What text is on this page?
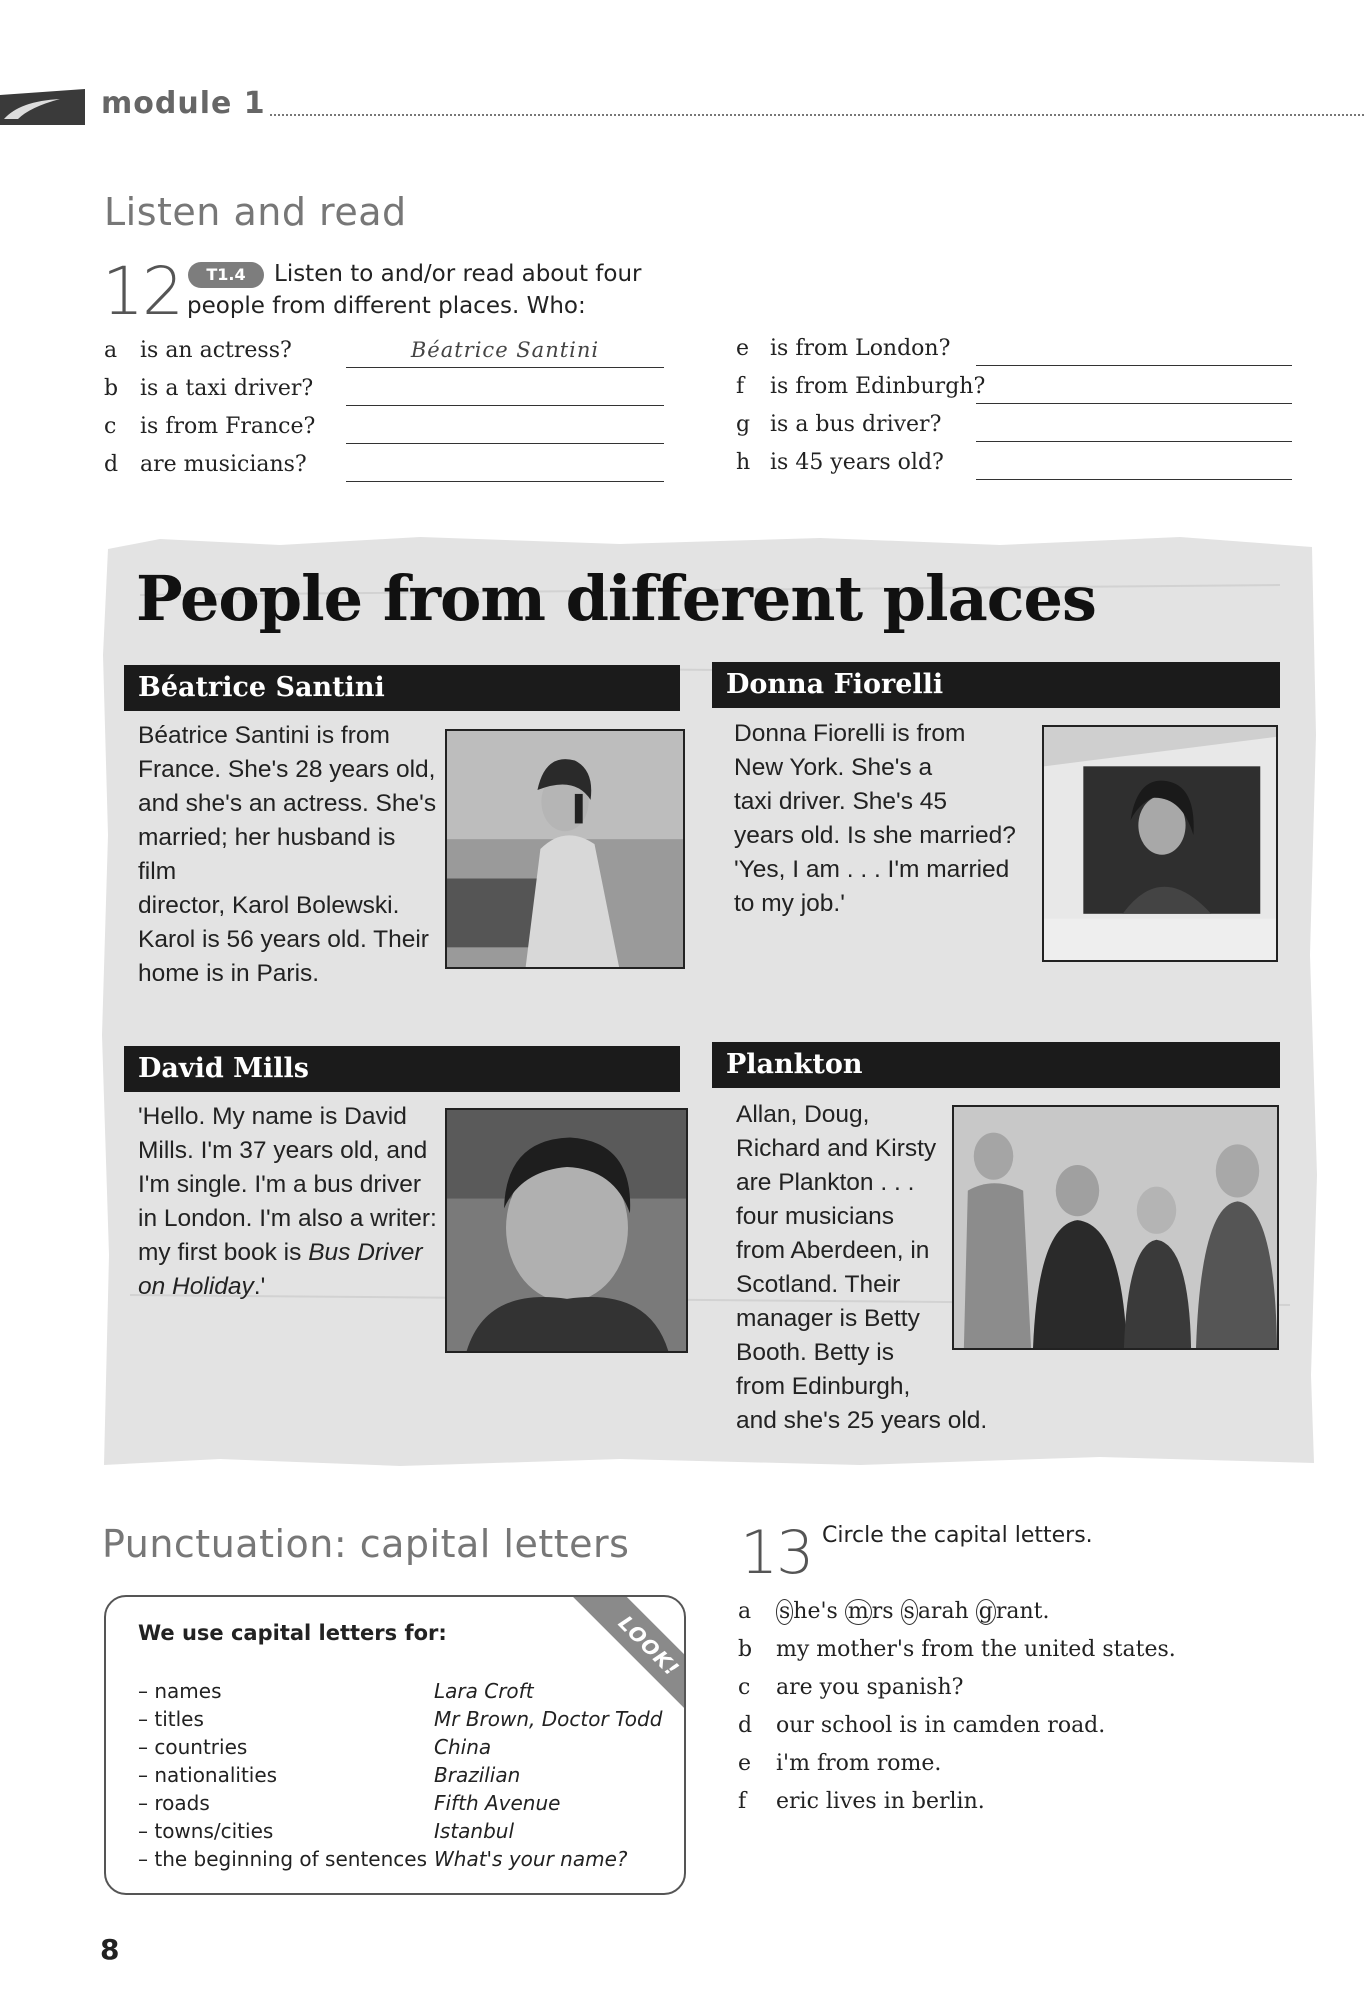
module 1
Listen and read
12	T1.4	Listen to and/or read about four
people from different places. Who:
a	is an actress?	Béatrice Santini
b is a taxi driver?
c	is from France?
d are musicians?
e is from London?
f	is from Edinburgh?
g is a bus driver?
h is 45 years old?
People from different places
Béatrice Santini
Béatrice Santini is from
France. She's 28 years old,
and she's an actress. She's
married; her husband is film
director, Karol Bolewski.
Karol is 56 years old. Their
home is in Paris.
Donna Fiorelli
Donna Fiorelli is from
New York. She's a
taxi driver. She's 45
years old. Is she married?
'Yes, I am . . . I'm married
to my job.'
David Mills
'Hello. My name is David
Mills. I'm 37 years old, and
I'm single. I'm a bus driver
in London. I'm also a writer:
my first book is Bus Driver
on Holiday.'
Plankton
Allan, Doug,
Richard and Kirsty
are Plankton . . .
four musicians
from Aberdeen, in
Scotland. Their
manager is Betty
Booth. Betty is
from Edinburgh,
and she's 25 years old.
Punctuation: capital letters
LOOK!
We use capital letters for:
– names	Lara Croft
– titles	Mr Brown, Doctor Todd
– countries	China
– nationalities	Brazilian
– roads	Fifth Avenue
– towns/cities	Istanbul
– the beginning of sentences What's your name?
13 Circle the capital letters.
a s he's m rs s arah g rant.
b my mother's from the united states.
c are you spanish?
d our school is in camden road.
e i'm from rome.
f eric lives in berlin.
8
